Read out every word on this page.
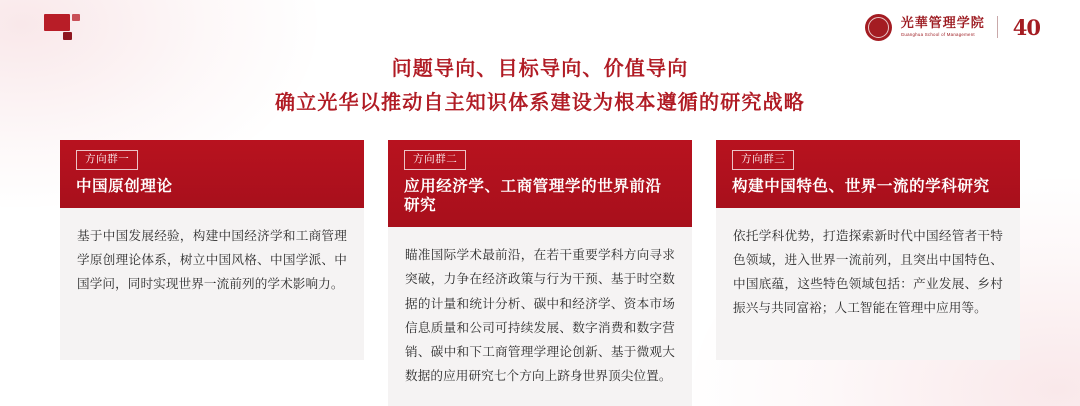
光華管理学院
Guanghua School of Management	40
问题导向、目标导向、价值导向
确立光华以推动自主知识体系建设为根本遵循的研究战略
方向群一
中国原创理论
基于中国发展经验，构建中国经济学和工商管理学原创理论体系，树立中国风格、中国学派、中国学问，同时实现世界一流前列的学术影响力。
方向群二
应用经济学、工商管理学的世界前沿研究
瞄准国际学术最前沿，在若干重要学科方向寻求突破，力争在经济政策与行为干预、基于时空数据的计量和统计分析、碳中和经济学、资本市场信息质量和公司可持续发展、数字消费和数字营销、碳中和下工商管理学理论创新、基于微观大数据的应用研究七个方向上跻身世界顶尖位置。
方向群三
构建中国特色、世界一流的学科研究
依托学科优势，打造探索新时代中国经管者干特色领域，进入世界一流前列，且突出中国特色、中国底蕴，这些特色领域包括：产业发展、乡村振兴与共同富裕；人工智能在管理中应用等。
